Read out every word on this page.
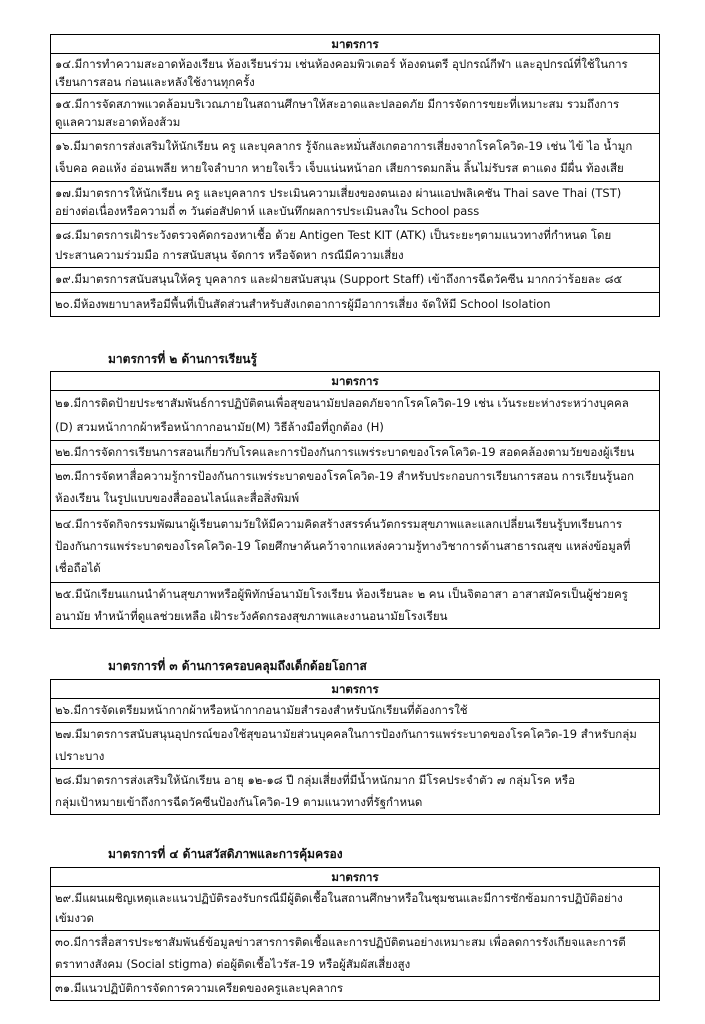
มาตรการ

๑๔.มีการทำความสะอาดห้องเรียน ห้องเรียนร่วม เช่นห้องคอมพิวเตอร์ ห้องดนตรี อุปกรณ์กีฬา และอุปกรณ์ที่ใช้ในการ
เรียนการสอน ก่อนและหลังใช้งานทุกครั้ง

๑๕.มีการจัดสภาพแวดล้อมบริเวณภายในสถานศึกษาให้สะอาดและปลอดภัย มีการจัดการขยะที่เหมาะสม รวมถึงการ
ดูแลความสะอาดห้องส้วม

๑๖.มีมาตรการส่งเสริมให้นักเรียน ครู และบุคลากร รู้จักและหมั่นสังเกตอาการเสี่ยงจากโรคโควิด-19 เช่น ไข้ ไอ น้ำมูก
เจ็บคอ คอแห้ง อ่อนเพลีย หายใจลำบาก หายใจเร็ว เจ็บแน่นหน้าอก เสียการดมกลิ่น ลิ้นไม่รับรส ตาแดง มีผื่น ท้องเสีย

๑๗.มีมาตรการให้นักเรียน ครู และบุคลากร ประเมินความเสี่ยงของตนเอง ผ่านแอปพลิเคชัน Thai save Thai (TST)
อย่างต่อเนื่องหรือความถี่ ๓ วันต่อสัปดาห์ และบันทึกผลการประเมินลงใน School pass

๑๘.มีมาตรการเฝ้าระวังตรวจคัดกรองหาเชื้อ ด้วย Antigen Test KIT (ATK) เป็นระยะๆตามแนวทางที่กำหนด โดย
ประสานความร่วมมือ การสนับสนุน จัดการ หรือจัดหา กรณีมีความเสี่ยง

๑๙.มีมาตรการสนับสนุนให้ครู บุคลากร และฝ่ายสนับสนุน (Support Staff) เข้าถึงการฉีดวัคซีน มากกว่าร้อยละ ๘๕

๒๐.มีห้องพยาบาลหรือมีพื้นที่เป็นสัดส่วนสำหรับสังเกตอาการผู้มีอาการเสี่ยง จัดให้มี School Isolation
มาตรการที่ ๒ ด้านการเรียนรู้
มาตรการ

๒๑.มีการติดป้ายประชาสัมพันธ์การปฏิบัติตนเพื่อสุขอนามัยปลอดภัยจากโรคโควิด-19 เช่น เว้นระยะห่างระหว่างบุคคล
(D) สวมหน้ากากผ้าหรือหน้ากากอนามัย(M) วิธีล้างมือที่ถูกต้อง (H)

๒๒.มีการจัดการเรียนการสอนเกี่ยวกับโรคและการป้องกันการแพร่ระบาดของโรคโควิด-19 สอดคล้องตามวัยของผู้เรียน

๒๓.มีการจัดหาสื่อความรู้การป้องกันการแพร่ระบาดของโรคโควิด-19 สำหรับประกอบการเรียนการสอน การเรียนรู้นอก
ห้องเรียน ในรูปแบบของสื่อออนไลน์และสื่อสิ่งพิมพ์

๒๔.มีการจัดกิจกรรมพัฒนาผู้เรียนตามวัยให้มีความคิดสร้างสรรค์นวัตกรรมสุขภาพและแลกเปลี่ยนเรียนรู้บทเรียนการ
ป้องกันการแพร่ระบาดของโรคโควิด-19 โดยศึกษาค้นคว้าจากแหล่งความรู้ทางวิชาการด้านสาธารณสุข แหล่งข้อมูลที่
เชื่อถือได้

๒๕.มีนักเรียนแกนนำด้านสุขภาพหรือผู้พิทักษ์อนามัยโรงเรียน ห้องเรียนละ ๒ คน เป็นจิตอาสา อาสาสมัครเป็นผู้ช่วยครู
อนามัย ทำหน้าที่ดูแลช่วยเหลือ เฝ้าระวังคัดกรองสุขภาพและงานอนามัยโรงเรียน
มาตรการที่ ๓ ด้านการครอบคลุมถึงเด็กด้อยโอกาส
มาตรการ

๒๖.มีการจัดเตรียมหน้ากากผ้าหรือหน้ากากอนามัยสำรองสำหรับนักเรียนที่ต้องการใช้

๒๗.มีมาตรการสนับสนุนอุปกรณ์ของใช้สุขอนามัยส่วนบุคคลในการป้องกันการแพร่ระบาดของโรคโควิด-19 สำหรับกลุ่ม
เปราะบาง

๒๘.มีมาตรการส่งเสริมให้นักเรียน อายุ ๑๒-๑๘ ปี กลุ่มเสี่ยงที่มีน้ำหนักมาก มีโรคประจำตัว ๗ กลุ่มโรค หรือ
กลุ่มเป้าหมายเข้าถึงการฉีดวัคซีนป้องกันโควิด-19 ตามแนวทางที่รัฐกำหนด
มาตรการที่ ๔ ด้านสวัสดิภาพและการคุ้มครอง
มาตรการ

๒๙.มีแผนเผชิญเหตุและแนวปฏิบัติรองรับกรณีมีผู้ติดเชื้อในสถานศึกษาหรือในชุมชนและมีการซักซ้อมการปฏิบัติอย่าง
เข้มงวด

๓๐.มีการสื่อสารประชาสัมพันธ์ข้อมูลข่าวสารการติดเชื้อและการปฏิบัติตนอย่างเหมาะสม เพื่อลดการรังเกียจและการตี
ตราทางสังคม (Social stigma) ต่อผู้ติดเชื้อไวรัส-19 หรือผู้สัมผัสเสี่ยงสูง

๓๑.มีแนวปฏิบัติการจัดการความเครียดของครูและบุคลากร
